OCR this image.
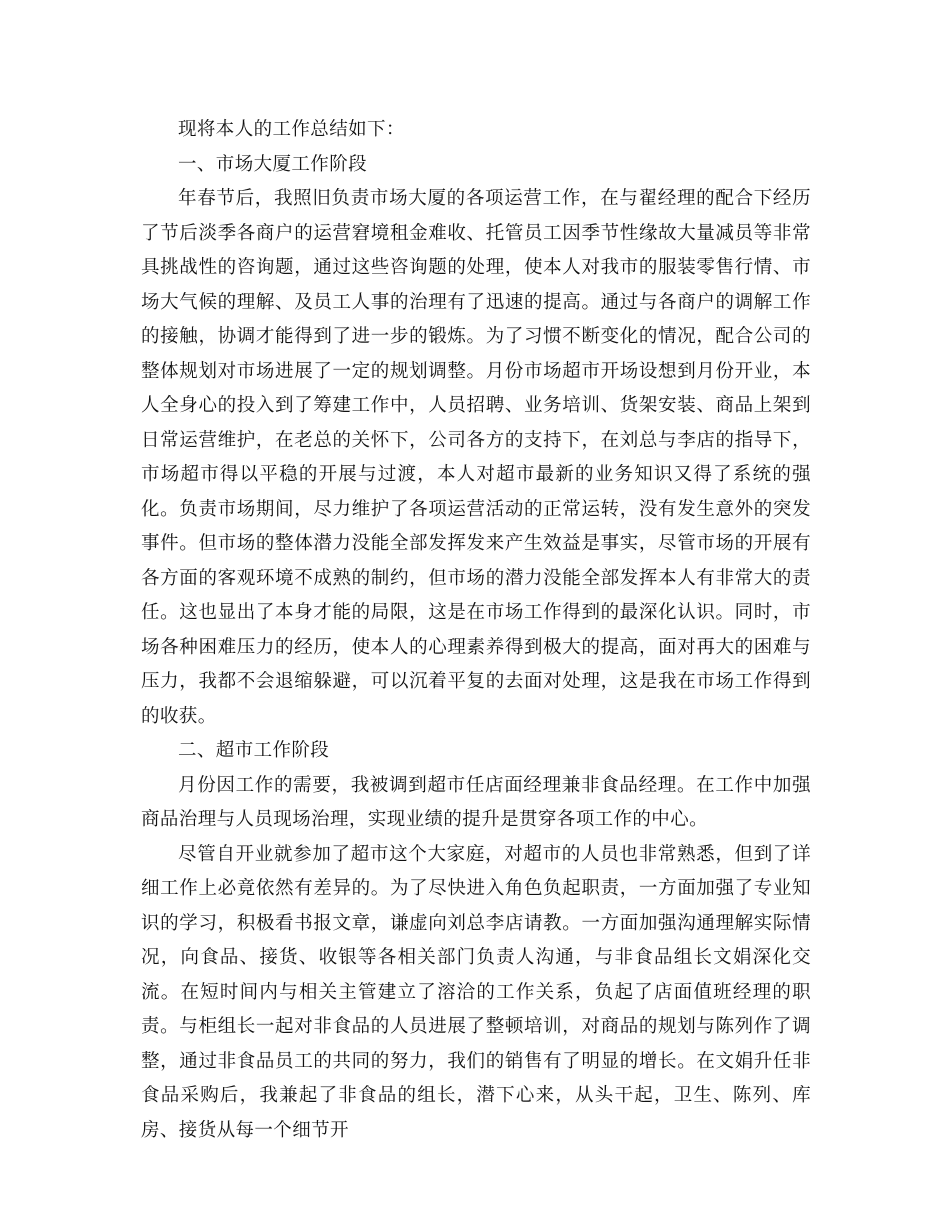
现将本人的工作总结如下：

一、市场大厦工作阶段

年春节后，我照旧负责市场大厦的各项运营工作，在与翟经理的配合下经历了节后淡季各商户的运营窘境租金难收、托管员工因季节性缘故大量减员等非常具挑战性的咨询题，通过这些咨询题的处理，使本人对我市的服装零售行情、市场大气候的理解、及员工人事的治理有了迅速的提高。通过与各商户的调解工作的接触，协调才能得到了进一步的锻炼。为了习惯不断变化的情况，配合公司的整体规划对市场进展了一定的规划调整。月份市场超市开场设想到月份开业，本人全身心的投入到了筹建工作中，人员招聘、业务培训、货架安装、商品上架到日常运营维护，在老总的关怀下，公司各方的支持下，在刘总与李店的指导下，市场超市得以平稳的开展与过渡，本人对超市最新的业务知识又得了系统的强化。负责市场期间，尽力维护了各项运营活动的正常运转，没有发生意外的突发事件。但市场的整体潜力没能全部发挥发来产生效益是事实，尽管市场的开展有各方面的客观环境不成熟的制约，但市场的潜力没能全部发挥本人有非常大的责任。这也显出了本身才能的局限，这是在市场工作得到的最深化认识。同时，市场各种困难压力的经历，使本人的心理素养得到极大的提高，面对再大的困难与压力，我都不会退缩躲避，可以沉着平复的去面对处理，这是我在市场工作得到的收获。

二、超市工作阶段

月份因工作的需要，我被调到超市任店面经理兼非食品经理。在工作中加强商品治理与人员现场治理，实现业绩的提升是贯穿各项工作的中心。

尽管自开业就参加了超市这个大家庭，对超市的人员也非常熟悉，但到了详细工作上必竟依然有差异的。为了尽快进入角色负起职责，一方面加强了专业知识的学习，积极看书报文章，谦虚向刘总李店请教。一方面加强沟通理解实际情况，向食品、接货、收银等各相关部门负责人沟通，与非食品组长文娟深化交流。在短时间内与相关主管建立了溶洽的工作关系，负起了店面值班经理的职责。与柜组长一起对非食品的人员进展了整顿培训，对商品的规划与陈列作了调整，通过非食品员工的共同的努力，我们的销售有了明显的增长。在文娟升任非食品采购后，我兼起了非食品的组长，潜下心来，从头干起，卫生、陈列、库房、接货从每一个细节开
